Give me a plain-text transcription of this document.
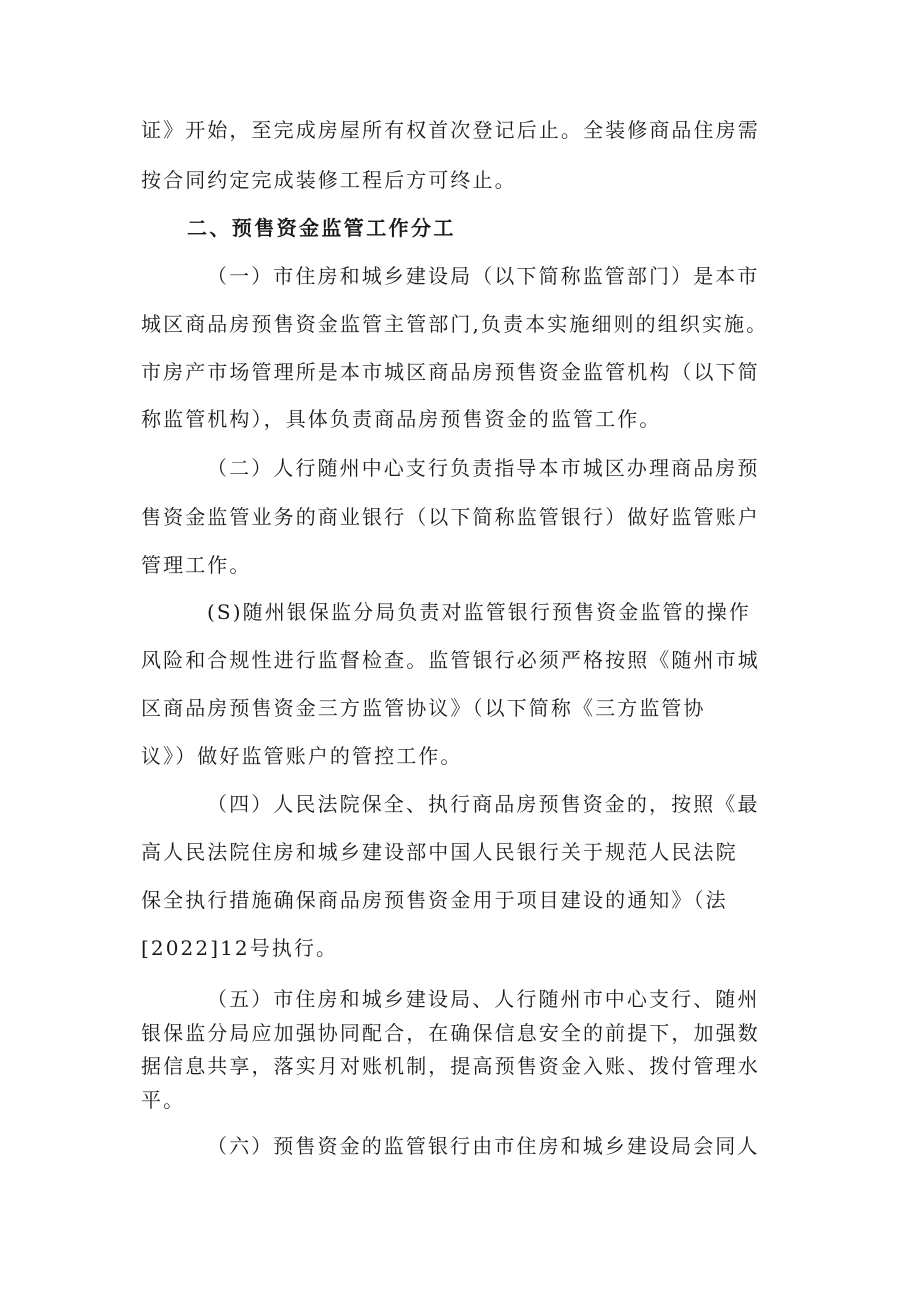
证》开始，至完成房屋所有权首次登记后止。全装修商品住房需
按合同约定完成装修工程后方可终止。
二、预售资金监管工作分工
（一）市住房和城乡建设局（以下简称监管部门）是本市
城区商品房预售资金监管主管部门,负责本实施细则的组织实施。
市房产市场管理所是本市城区商品房预售资金监管机构（以下简
称监管机构），具体负责商品房预售资金的监管工作。
（二）人行随州中心支行负责指导本市城区办理商品房预
售资金监管业务的商业银行（以下简称监管银行）做好监管账户
管理工作。
(S)随州银保监分局负责对监管银行预售资金监管的操作
风险和合规性进行监督检查。监管银行必须严格按照《随州市城
区商品房预售资金三方监管协议》（以下简称《三方监管协
议》）做好监管账户的管控工作。
（四）人民法院保全、执行商品房预售资金的，按照《最
高人民法院住房和城乡建设部中国人民银行关于规范人民法院
保全执行措施确保商品房预售资金用于项目建设的通知》（法
[2022]12号执行。
（五）市住房和城乡建设局、人行随州市中心支行、随州
银保监分局应加强协同配合，在确保信息安全的前提下，加强数
据信息共享，落实月对账机制，提高预售资金入账、拨付管理水
平。
（六）预售资金的监管银行由市住房和城乡建设局会同人
